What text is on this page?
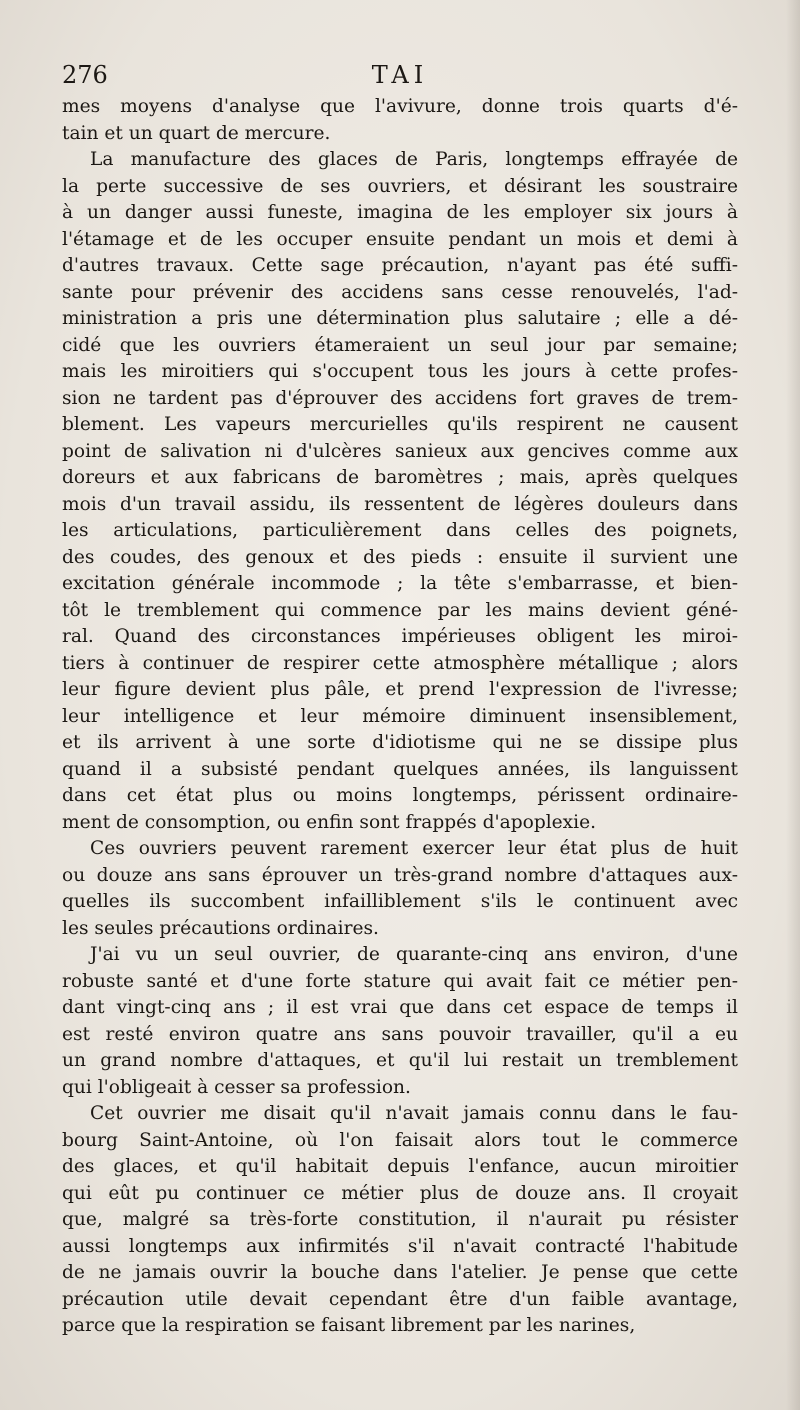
276	TAI
mes moyens d'analyse que l'avivure, donne trois quarts d'é-
tain et un quart de mercure.
La manufacture des glaces de Paris, longtemps effrayée de
la perte successive de ses ouvriers, et désirant les soustraire
à un danger aussi funeste, imagina de les employer six jours à
l'étamage et de les occuper ensuite pendant un mois et demi à
d'autres travaux. Cette sage précaution, n'ayant pas été suffi-
sante pour prévenir des accidens sans cesse renouvelés, l'ad-
ministration a pris une détermination plus salutaire ; elle a dé-
cidé que les ouvriers étameraient un seul jour par semaine;
mais les miroitiers qui s'occupent tous les jours à cette profes-
sion ne tardent pas d'éprouver des accidens fort graves de trem-
blement. Les vapeurs mercurielles qu'ils respirent ne causent
point de salivation ni d'ulcères sanieux aux gencives comme aux
doreurs et aux fabricans de baromètres ; mais, après quelques
mois d'un travail assidu, ils ressentent de légères douleurs dans
les articulations, particulièrement dans celles des poignets,
des coudes, des genoux et des pieds : ensuite il survient une
excitation générale incommode ; la tête s'embarrasse, et bien-
tôt le tremblement qui commence par les mains devient géné-
ral. Quand des circonstances impérieuses obligent les miroi-
tiers à continuer de respirer cette atmosphère métallique ; alors
leur figure devient plus pâle, et prend l'expression de l'ivresse;
leur intelligence et leur mémoire diminuent insensiblement,
et ils arrivent à une sorte d'idiotisme qui ne se dissipe plus
quand il a subsisté pendant quelques années, ils languissent
dans cet état plus ou moins longtemps, périssent ordinaire-
ment de consomption, ou enfin sont frappés d'apoplexie.
Ces ouvriers peuvent rarement exercer leur état plus de huit
ou douze ans sans éprouver un très-grand nombre d'attaques aux-
quelles ils succombent infailliblement s'ils le continuent avec
les seules précautions ordinaires.
J'ai vu un seul ouvrier, de quarante-cinq ans environ, d'une
robuste santé et d'une forte stature qui avait fait ce métier pen-
dant vingt-cinq ans ; il est vrai que dans cet espace de temps il
est resté environ quatre ans sans pouvoir travailler, qu'il a eu
un grand nombre d'attaques, et qu'il lui restait un tremblement
qui l'obligeait à cesser sa profession.
Cet ouvrier me disait qu'il n'avait jamais connu dans le fau-
bourg Saint-Antoine, où l'on faisait alors tout le commerce
des glaces, et qu'il habitait depuis l'enfance, aucun miroitier
qui eût pu continuer ce métier plus de douze ans. Il croyait
que, malgré sa très-forte constitution, il n'aurait pu résister
aussi longtemps aux infirmités s'il n'avait contracté l'habitude
de ne jamais ouvrir la bouche dans l'atelier. Je pense que cette
précaution utile devait cependant être d'un faible avantage,
parce que la respiration se faisant librement par les narines,
